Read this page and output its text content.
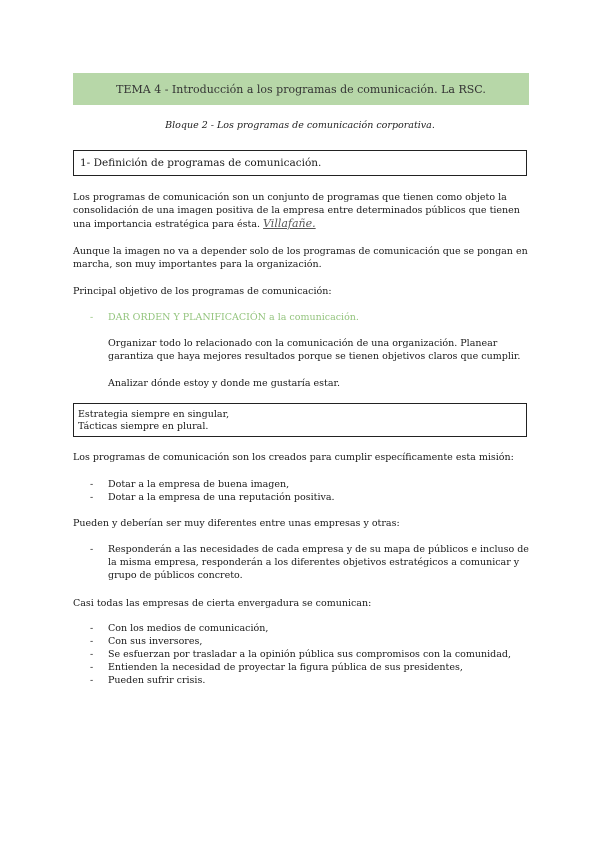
TEMA 4 - Introducción a los programas de comunicación. La RSC.
Bloque 2 - Los programas de comunicación corporativa.
1- Definición de programas de comunicación.
Los programas de comunicación son un conjunto de programas que tienen como objeto la consolidación de una imagen positiva de la empresa entre determinados públicos que tienen una importancia estratégica para ésta. Villafañe.
Aunque la imagen no va a depender solo de los programas de comunicación que se pongan en marcha, son muy importantes para la organización.
Principal objetivo de los programas de comunicación:
- DAR ORDEN Y PLANIFICACIÓN a la comunicación.
Organizar todo lo relacionado con la comunicación de una organización. Planear garantiza que haya mejores resultados porque se tienen objetivos claros que cumplir.
Analizar dónde estoy y donde me gustaría estar.
Estrategia siempre en singular,
Tácticas siempre en plural.
Los programas de comunicación son los creados para cumplir específicamente esta misión:
- Dotar a la empresa de buena imagen,
- Dotar a la empresa de una reputación positiva.
Pueden y deberían ser muy diferentes entre unas empresas y otras:
- Responderán a las necesidades de cada empresa y de su mapa de públicos e incluso de la misma empresa, responderán a los diferentes objetivos estratégicos a comunicar y grupo de públicos concreto.
Casi todas las empresas de cierta envergadura se comunican:
- Con los medios de comunicación,
- Con sus inversores,
- Se esfuerzan por trasladar a la opinión pública sus compromisos con la comunidad,
- Entienden la necesidad de proyectar la figura pública de sus presidentes,
- Pueden sufrir crisis.
